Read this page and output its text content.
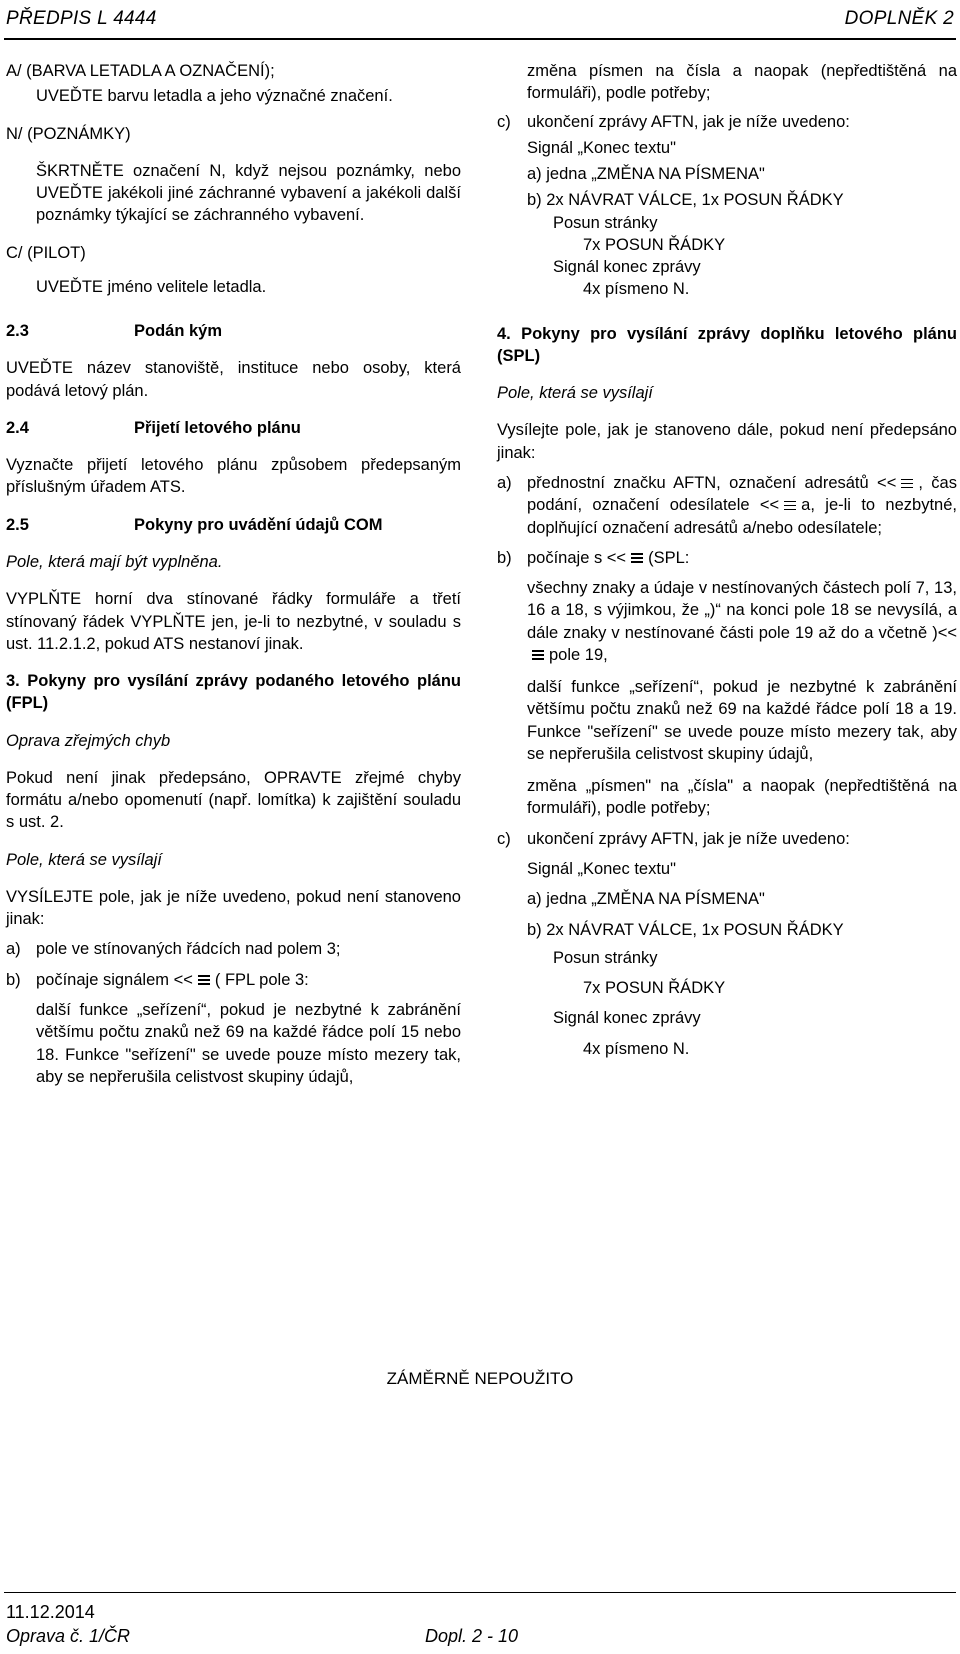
PŘEDPIS L 4444	DOPLNĚK 2

A/ (BARVA LETADLA A OZNAČENÍ);

UVEĎTE barvu letadla a jeho význačné značení.

N/ (POZNÁMKY)

ŠKRTNĚTE označení N, když nejsou poznámky, nebo UVEĎTE jakékoli jiné záchranné vybavení a jakékoli další poznámky týkající se záchranného vybavení.

C/ (PILOT)

UVEĎTE jméno velitele letadla.

2.3	Podán kým

UVEĎTE název stanoviště, instituce nebo osoby, která podává letový plán.

2.4	Přijetí letového plánu

Vyznačte přijetí letového plánu způsobem předepsaným příslušným úřadem ATS.

2.5	Pokyny pro uvádění údajů COM

Pole, která mají být vyplněna.

VYPLŇTE horní dva stínované řádky formuláře a třetí stínovaný řádek VYPLŇTE jen, je-li to nezbytné, v souladu s ust. 11.2.1.2, pokud ATS nestanoví jinak.

3. Pokyny pro vysílání zprávy podaného letového plánu (FPL)

Oprava zřejmých chyb

Pokud není jinak předepsáno, OPRAVTE zřejmé chyby formátu a/nebo opomenutí (např. lomítka) k zajištění souladu s ust. 2.

Pole, která se vysílají

VYSÍLEJTE pole, jak je níže uvedeno, pokud není stanoveno jinak:

a) pole ve stínovaných řádcích nad polem 3;
b) počínaje signálem << ( FPL pole 3:

další funkce „seřízení“, pokud je nezbytné k zabránění většímu počtu znaků než 69 na každé řádce polí 15 nebo 18. Funkce "seřízení" se uvede pouze místo mezery tak, aby se nepřerušila celistvost skupiny údajů,

změna písmen na čísla a naopak (nepředtištěná na formuláři), podle potřeby;

c) ukončení zprávy AFTN, jak je níže uvedeno:

Signál „Konec textu"

a) jedna „ZMĚNA NA PÍSMENA"

b) 2x NÁVRAT VÁLCE, 1x POSUN ŘÁDKY

Posun stránky

7x POSUN ŘÁDKY

Signál konec zprávy

4x písmeno N.

4. Pokyny pro vysílání zprávy doplňku letového plánu (SPL)

Pole, která se vysílají

Vysílejte pole, jak je stanoveno dále, pokud není předepsáno jinak:

a) přednostní značku AFTN, označení adresátů << , čas podání, označení odesílatele << a, je-li to nezbytné, doplňující označení adresátů a/nebo odesílatele;
b) počínaje s << (SPL:

všechny znaky a údaje v nestínovaných částech polí 7, 13, 16 a 18, s výjimkou, že „)“ na konci pole 18 se nevysílá, a dále znaky v nestínované části pole 19 až do a včetně )<<
pole 19,

další funkce „seřízení“, pokud je nezbytné k zabránění většímu počtu znaků než 69 na každé řádce polí 18 a 19. Funkce "seřízení" se uvede pouze místo mezery tak, aby se nepřerušila celistvost skupiny údajů,

změna „písmen" na „čísla" a naopak (nepředtištěná na formuláři), podle potřeby;

c) ukončení zprávy AFTN, jak je níže uvedeno:

Signál „Konec textu"

a) jedna „ZMĚNA NA PÍSMENA"

b) 2x NÁVRAT VÁLCE, 1x POSUN ŘÁDKY

Posun stránky

7x POSUN ŘÁDKY

Signál konec zprávy

4x písmeno N.

ZÁMĚRNĚ NEPOUŽITO
11.12.2014
Oprava č. 1/ČR	Dopl. 2 - 10
